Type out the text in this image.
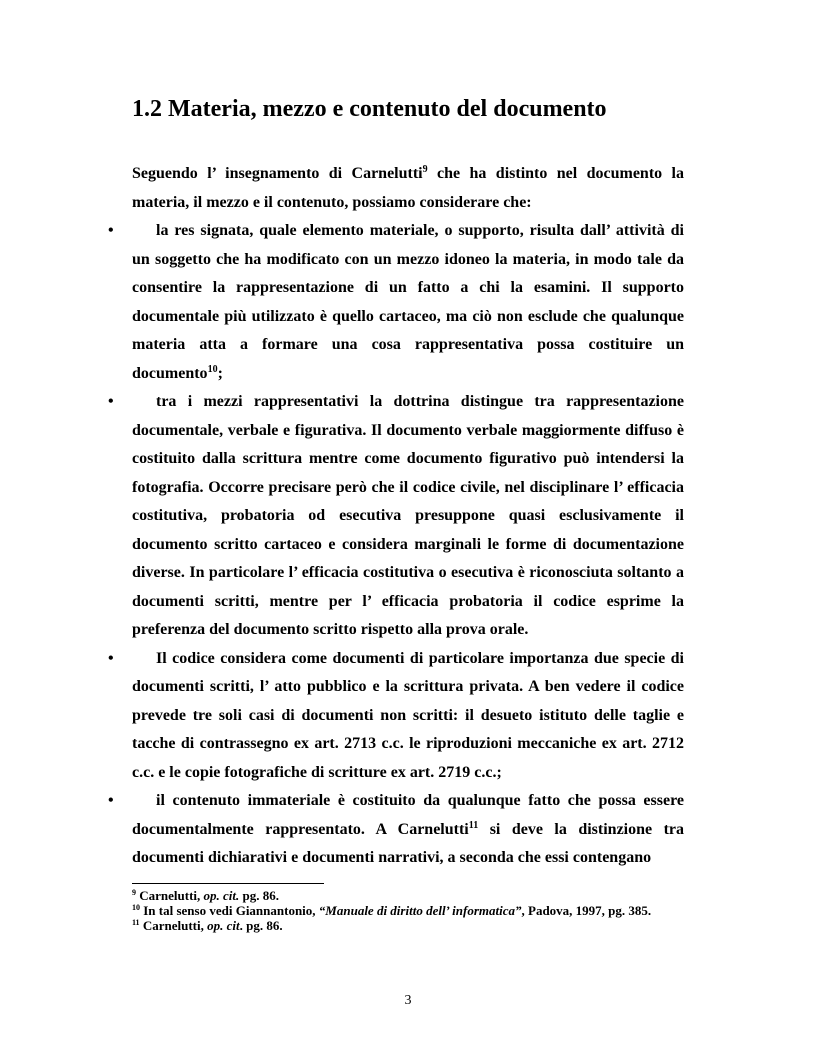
1.2 Materia, mezzo e contenuto del documento

Seguendo l’ insegnamento di Carnelutti$^9$ che ha distinto nel documento la materia, il mezzo e il contenuto, possiamo considerare che:

•	la res signata, quale elemento materiale, o supporto, risulta dall’ attività di un soggetto che ha modificato con un mezzo idoneo la materia, in modo tale da consentire la rappresentazione di un fatto a chi la esamini. Il supporto documentale più utilizzato è quello cartaceo, ma ciò non esclude che qualunque materia atta a formare una cosa rappresentativa possa costituire un documento$^{10}$;
•	tra i mezzi rappresentativi la dottrina distingue tra rappresentazione documentale, verbale e figurativa. Il documento verbale maggiormente diffuso è costituito dalla scrittura mentre come documento figurativo può intendersi la fotografia. Occorre precisare però che il codice civile, nel disciplinare l’ efficacia costitutiva, probatoria od esecutiva presuppone quasi esclusivamente il documento scritto cartaceo e considera marginali le forme di documentazione diverse. In particolare l’ efficacia costitutiva o esecutiva è riconosciuta soltanto a documenti scritti, mentre per l’ efficacia probatoria il codice esprime la preferenza del documento scritto rispetto alla prova orale.
•	Il codice considera come documenti di particolare importanza due specie di documenti scritti, l’ atto pubblico e la scrittura privata. A ben vedere il codice prevede tre soli casi di documenti non scritti: il desueto istituto delle taglie e tacche di contrassegno ex art. 2713 c.c. le riproduzioni meccaniche ex art. 2712 c.c. e le copie fotografiche di scritture ex art. 2719 c.c.;
•	il contenuto immateriale è costituito da qualunque fatto che possa essere documentalmente rappresentato. A Carnelutti$^{11}$ si deve la distinzione tra documenti dichiarativi e documenti narrativi, a seconda che essi contengano
$^9$ Carnelutti, op. cit. pg. 86.
$^{10}$ In tal senso vedi Giannantonio, “Manuale di diritto dell’ informatica”, Padova, 1997, pg. 385.
$^{11}$ Carnelutti, op. cit. pg. 86.
3
